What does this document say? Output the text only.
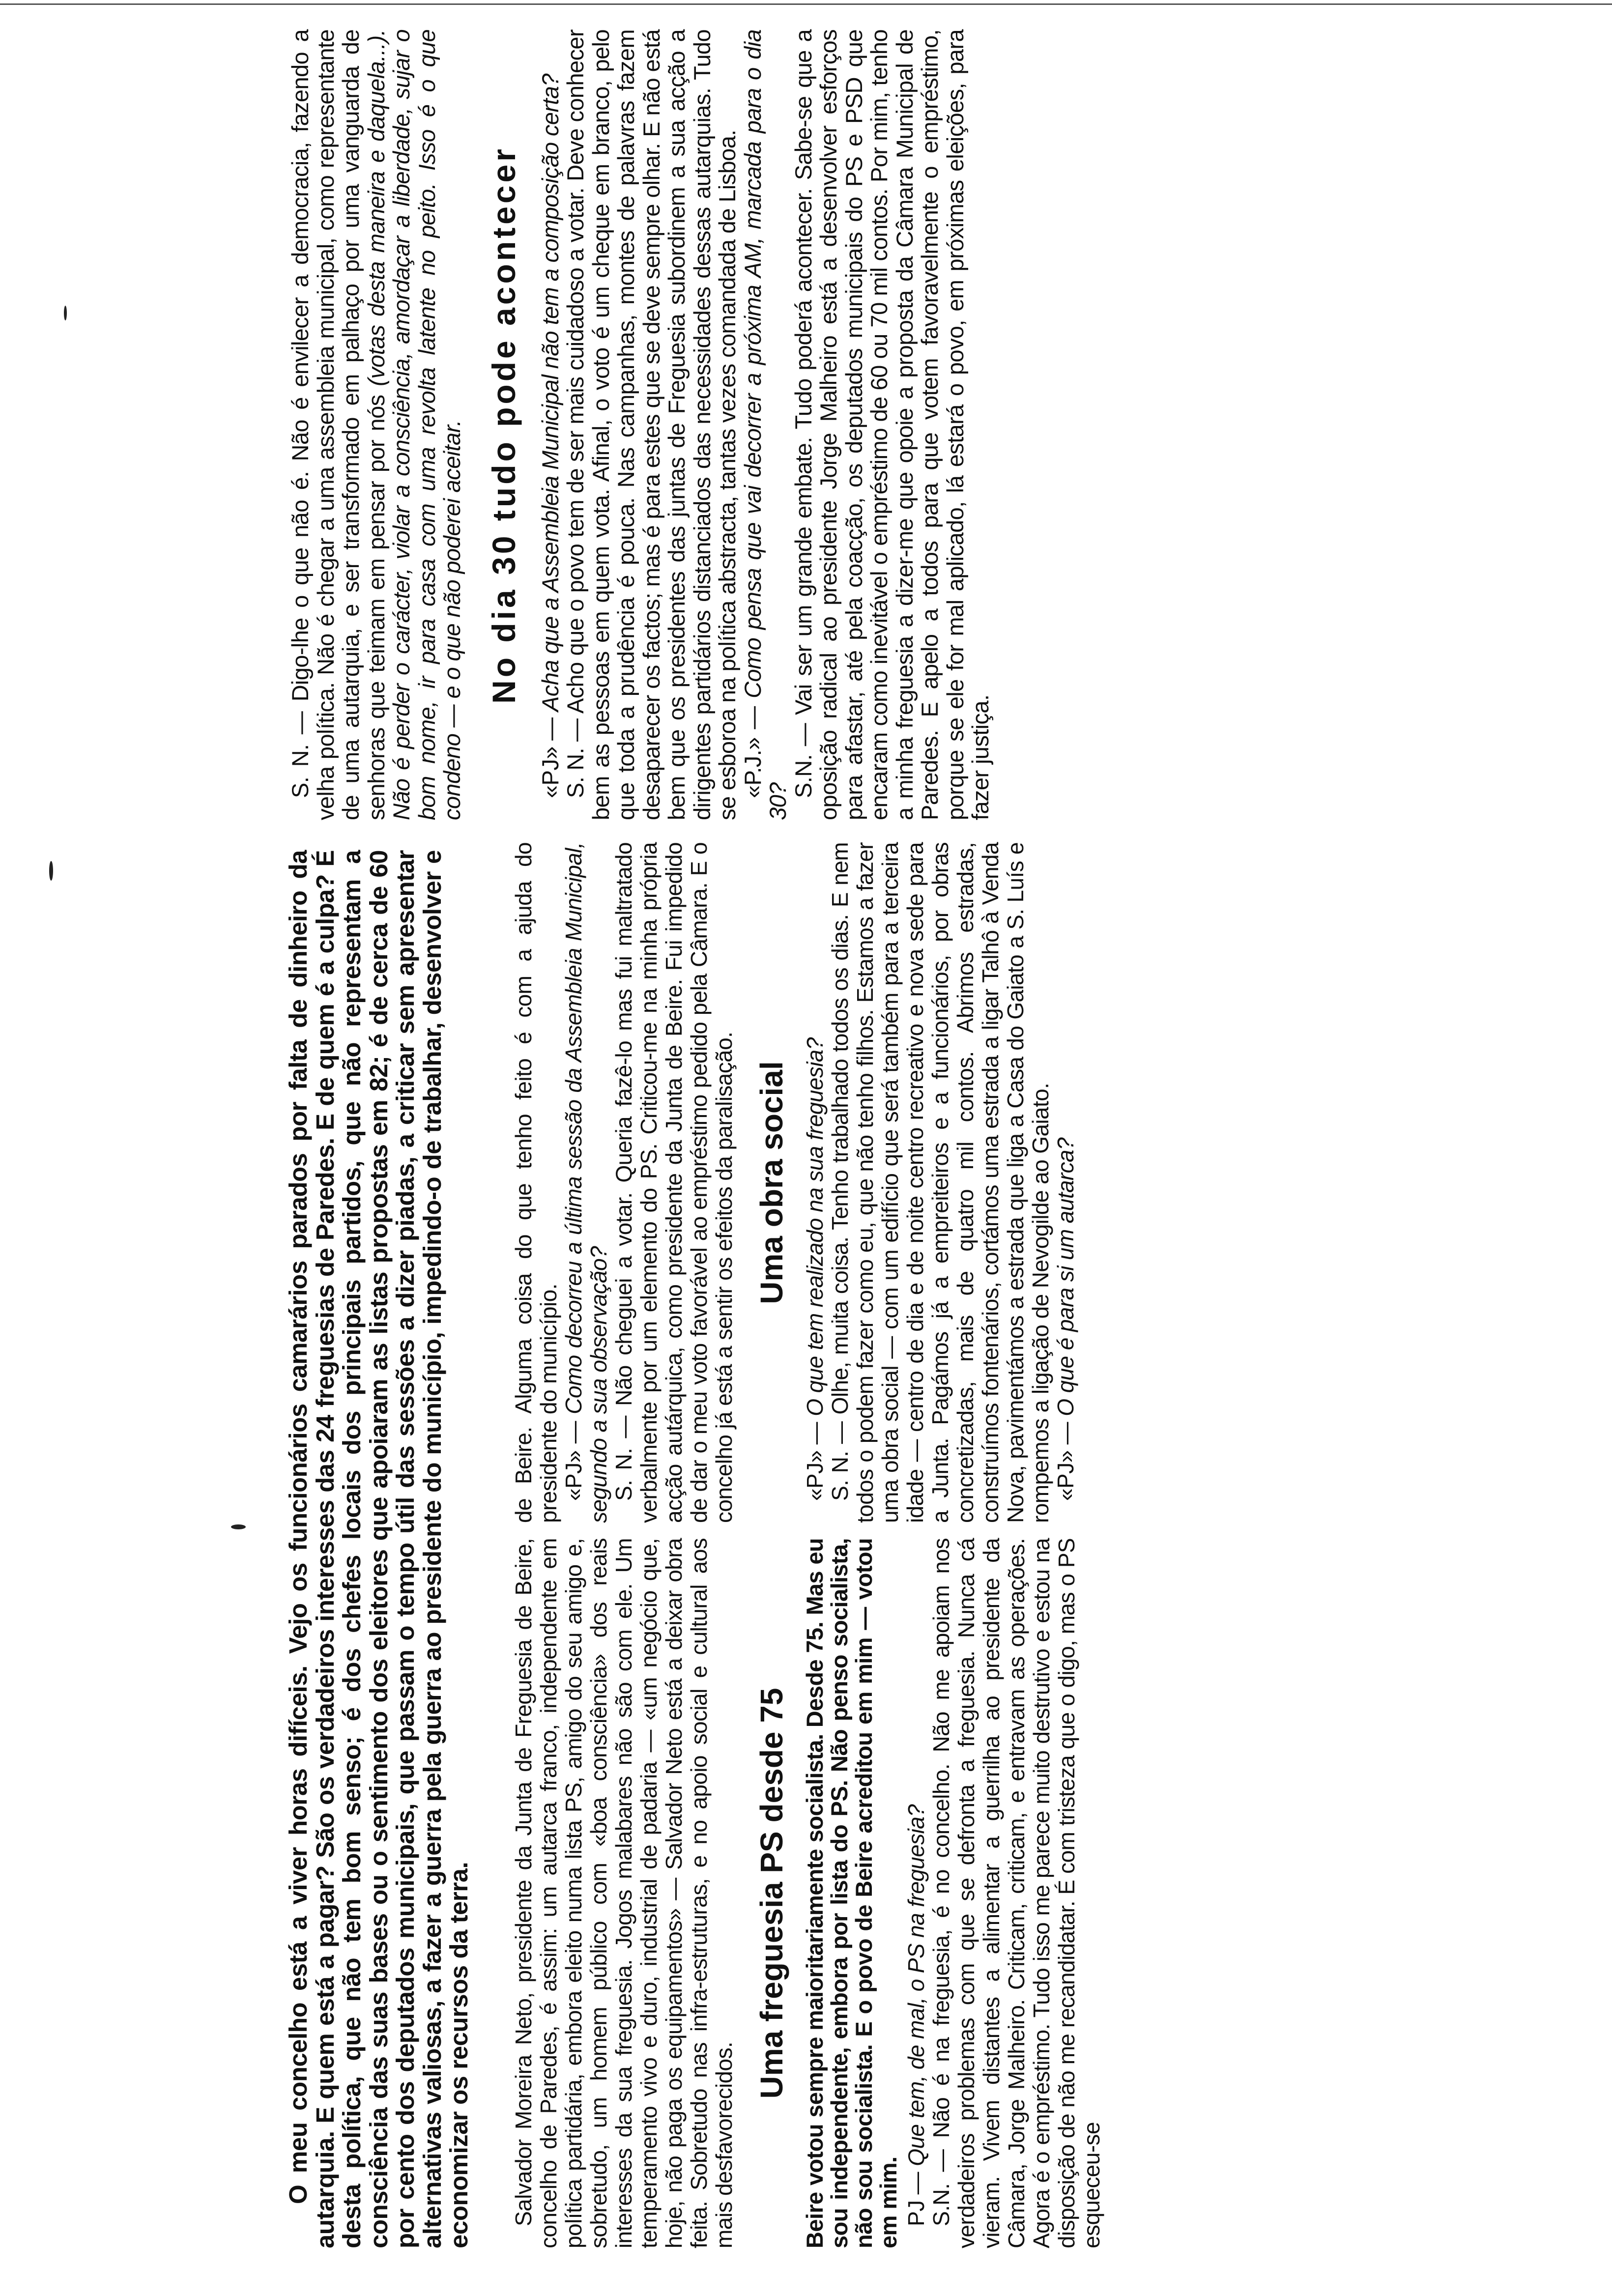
O meu concelho está a viver horas difíceis. Vejo os funcionários camarários parados por falta de dinheiro da autarquia. E quem está a pagar? São os verdadeiros interesses das 24 freguesias de Paredes. E de quem é a culpa? É desta política, que não tem bom senso; é dos chefes locais dos principais partidos, que não representam a consciência das suas bases ou o sentimento dos eleitores que apoiaram as listas propostas em 82; é de cerca de 60 por cento dos deputados municipais, que passam o tempo útil das sessões a dizer piadas, a criticar sem apresentar alternativas valiosas, a fazer a guerra pela guerra ao presidente do município, impedindo-o de trabalhar, desenvolver e economizar os recursos da terra. Salvador Moreira Neto, presidente da Junta de Freguesia de Beire, concelho de Paredes, é assim: um autarca franco, independente em política partidária, embora eleito numa lista PS, amigo do seu amigo e, sobretudo, um homem público com «boa consciência» dos reais interesses da sua freguesia. Jogos malabares não são com ele. Um temperamento vivo e duro, industrial de padaria — «um negócio que, hoje, não paga os equipamentos» — Salvador Neto está a deixar obra feita. Sobretudo nas infra-estruturas, e no apoio social e cultural aos mais desfavorecidos.

Uma freguesia PS desde 75 Beire votou sempre maioritariamente socialista. Desde 75. Mas eu sou independente, embora por lista do PS. Não penso socialista, não sou socialista. E o povo de Beire acreditou em mim — votou em mim. PJ — Que tem, de mal, o PS na freguesia? S.N. — Não é na freguesia, é no concelho. Não me apoiam nos verdadeiros problemas com que se defronta a freguesia. Nunca cá vieram. Vivem distantes a alimentar a guerrilha ao presidente da Câmara, Jorge Malheiro. Criticam, criticam, e entravam as operações. Agora é o empréstimo. Tudo isso me parece muito destrutivo e estou na disposição de não me recandidatar. É com tristeza que o digo, mas o PS esqueceu-se

de Beire. Alguma coisa do que tenho feito é com a ajuda do presidente do município. «PJ» — Como decorreu a última sessão da Assembleia Municipal, segundo a sua observação? S. N. — Não cheguei a votar. Queria fazê-lo mas fui maltratado verbalmente por um elemento do PS. Criticou-me na minha própria acção autárquica, como presidente da Junta de Beire. Fui impedido de dar o meu voto favorável ao empréstimo pedido pela Câmara. E o concelho já está a sentir os efeitos da paralisação. Uma obra social

«PJ» — O que tem realizado na sua freguesia? S. N. — Olhe, muita coisa. Tenho trabalhado todos os dias. E nem todos o podem fazer como eu, que não tenho filhos. Estamos a fazer uma obra social — com um edifício que será também para a terceira idade — centro de dia e de noite centro recreativo e nova sede para a Junta. Pagámos já a empreiteiros e a funcionários, por obras concretizadas, mais de quatro mil contos. Abrimos estradas, construímos fontenários, cortámos uma estrada a ligar Talhô à Venda Nova, pavimentámos a estrada que liga a Casa do Gaiato a S. Luís e rompemos a ligação de Nevogilde ao Gaiato. «PJ» — O que é para si um autarca?

S. N. — Digo-lhe o que não é. Não é envilecer a democracia, fazendo a velha política. Não é chegar a uma assembleia municipal, como representante de uma autarquia, e ser transformado em palhaço por uma vanguarda de senhoras que teimam em pensar por nós (votas desta maneira e daquela...). Não é perder o carácter, violar a consciência, amordaçar a liberdade, sujar o bom nome, ir para casa com uma revolta latente no peito. Isso é o que condeno — e o que não poderei aceitar. No dia 30 tudo pode acontecer

«PJ» — Acha que a Assembleia Municipal não tem a composição certa?

S. N. — Acho que o povo tem de ser mais cuidadoso a votar. Deve conhecer bem as pessoas em quem vota. Afinal, o voto é um cheque em branco, pelo que toda a prudência é pouca. Nas campanhas, montes de palavras fazem desaparecer os factos; mas é para estes que se deve sempre olhar. E não está bem que os presidentes das juntas de Freguesia subordinem a sua acção a dirigentes partidários distanciados das necessidades dessas autarquias. Tudo se esboroa na política abstracta, tantas vezes comandada de Lisboa.

«P.J.» — Como pensa que vai decorrer a próxima AM, marcada para o dia 30?

S.N. — Vai ser um grande embate. Tudo poderá acontecer. Sabe-se que a oposição radical ao presidente Jorge Malheiro está a desenvolver esforços para afastar, até pela coacção, os deputados municipais do PS e PSD que encaram como inevitável o empréstimo de 60 ou 70 mil contos. Por mim, tenho a minha freguesia a dizer-me que opoie a proposta da Câmara Municipal de Paredes. E apelo a todos para que votem favoravelmente o empréstimo, porque se ele for mal aplicado, lá estará o povo, em próximas eleições, para fazer justiça.
